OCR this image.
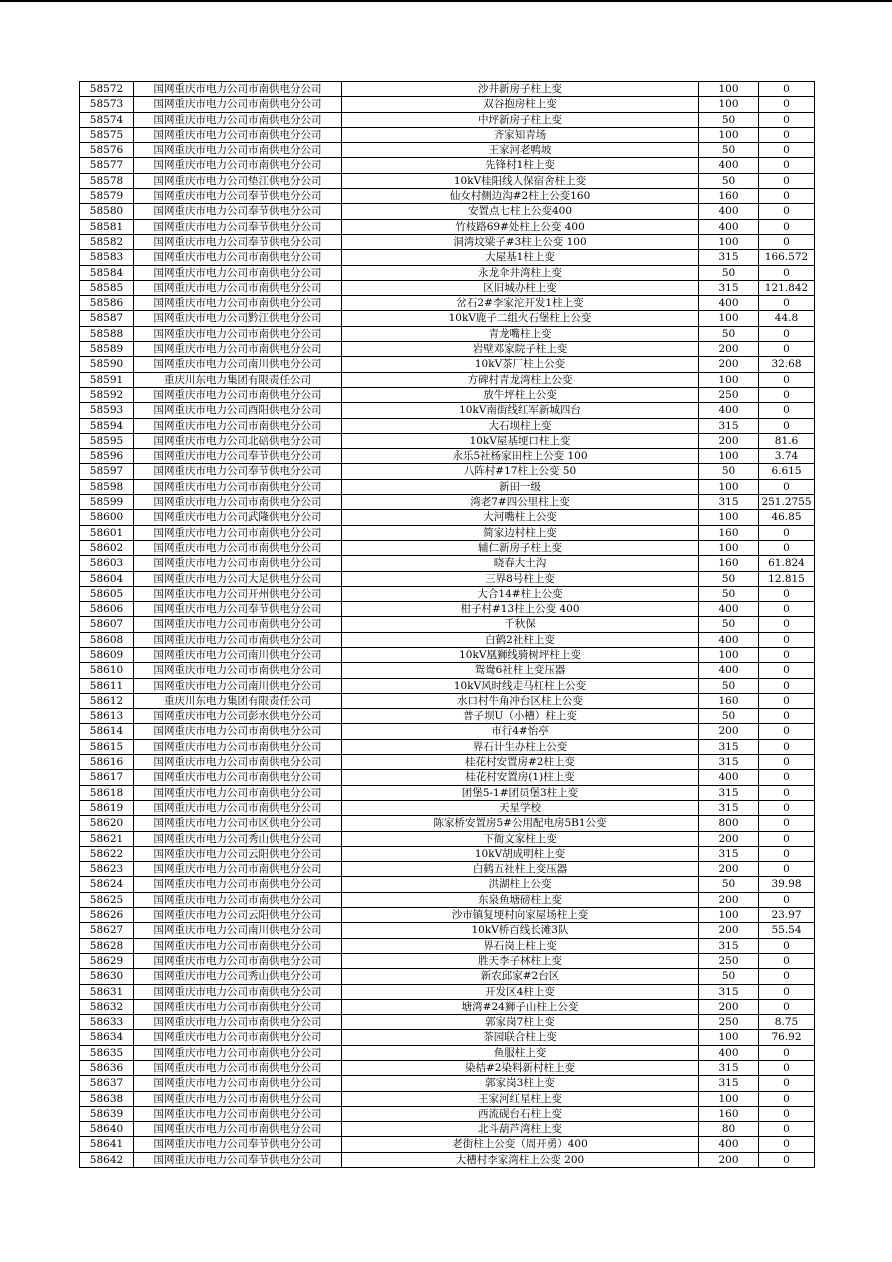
58572	国网重庆市电力公司市南供电分公司	沙井新房子柱上变	100	0
58573	国网重庆市电力公司市南供电分公司	双谷抱房柱上变	100	0
58574	国网重庆市电力公司市南供电分公司	中坪新房子柱上变	50	0
58575	国网重庆市电力公司市南供电分公司	齐家知青场	100	0
58576	国网重庆市电力公司市南供电分公司	王家河老鸭坡	50	0
58577	国网重庆市电力公司市南供电分公司	先锋村1柱上变	400	0
58578	国网重庆市电力公司垫江供电分公司	10kV桂阳线人保宿舍柱上变	50	0
58579	国网重庆市电力公司奉节供电分公司	仙女村侧边沟#2柱上公变160	160	0
58580	国网重庆市电力公司奉节供电分公司	安置点七柱上公变400	400	0
58581	国网重庆市电力公司奉节供电分公司	竹枝路69#处柱上公变 400	400	0
58582	国网重庆市电力公司奉节供电分公司	洞湾坟梁子#3柱上公变 100	100	0
58583	国网重庆市电力公司市南供电分公司	大屋基1柱上变	315	166.572
58584	国网重庆市电力公司市南供电分公司	永龙伞井湾柱上变	50	0
58585	国网重庆市电力公司市南供电分公司	区旧城办柱上变	315	121.842
58586	国网重庆市电力公司市南供电分公司	岔石2#李家沱开发1柱上变	400	0
58587	国网重庆市电力公司黔江供电分公司	10kV鹿子二组火石堡柱上公变	100	44.8
58588	国网重庆市电力公司市南供电分公司	青龙嘴柱上变	50	0
58589	国网重庆市电力公司市南供电分公司	岩壁邓家院子柱上变	200	0
58590	国网重庆市电力公司南川供电分公司	10kV茶厂柱上公变	200	32.68
58591	重庆川东电力集团有限责任公司	方碑村青龙湾柱上公变	100	0
58592	国网重庆市电力公司市南供电分公司	放牛坪柱上公变	250	0
58593	国网重庆市电力公司酉阳供电分公司	10kV南街线红军新城四台	400	0
58594	国网重庆市电力公司市南供电分公司	大石坝柱上变	315	0
58595	国网重庆市电力公司北碚供电分公司	10kV屋基埂口柱上变	200	81.6
58596	国网重庆市电力公司奉节供电分公司	永乐5社杨家田柱上公变 100	100	3.74
58597	国网重庆市电力公司奉节供电分公司	八阵村#17柱上公变 50	50	6.615
58598	国网重庆市电力公司市南供电分公司	新田一级	100	0
58599	国网重庆市电力公司市南供电分公司	湾老7#四公里柱上变	315	251.2755
58600	国网重庆市电力公司武隆供电分公司	大河嘴柱上公变	100	46.85
58601	国网重庆市电力公司市南供电分公司	简家边村柱上变	160	0
58602	国网重庆市电力公司市南供电分公司	辅仁新房子柱上变	100	0
58603	国网重庆市电力公司市南供电分公司	晓春大土沟	160	61.824
58604	国网重庆市电力公司大足供电分公司	三界8号柱上变	50	12.815
58605	国网重庆市电力公司开州供电分公司	大合14#柱上公变	50	0
58606	国网重庆市电力公司奉节供电分公司	柑子村#13柱上公变 400	400	0
58607	国网重庆市电力公司市南供电分公司	千秋保	50	0
58608	国网重庆市电力公司市南供电分公司	白鹤2社柱上变	400	0
58609	国网重庆市电力公司南川供电分公司	10kV凰狮线骑树坪柱上变	100	0
58610	国网重庆市电力公司市南供电分公司	鸳鸯6社柱上变压器	400	0
58611	国网重庆市电力公司南川供电分公司	10kV风时线走马杠柱上公变	50	0
58612	重庆川东电力集团有限责任公司	水口村牛角冲台区柱上公变	160	0
58613	国网重庆市电力公司彭水供电分公司	普子坝U（小槽）柱上变	50	0
58614	国网重庆市电力公司市南供电分公司	市行4#怡亭	200	0
58615	国网重庆市电力公司市南供电分公司	界石计生办柱上公变	315	0
58616	国网重庆市电力公司市南供电分公司	桂花村安置房#2柱上变	315	0
58617	国网重庆市电力公司市南供电分公司	桂花村安置房(1)柱上变	400	0
58618	国网重庆市电力公司市南供电分公司	团堡5-1#团员堡3柱上变	315	0
58619	国网重庆市电力公司市南供电分公司	天星学校	315	0
58620	国网重庆市电力公司市区供电分公司	陈家桥安置房5#公用配电房5B1公变	800	0
58621	国网重庆市电力公司秀山供电分公司	下衙文家柱上变	200	0
58622	国网重庆市电力公司云阳供电分公司	10kV胡成明柱上变	315	0
58623	国网重庆市电力公司市南供电分公司	白鹤五社柱上变压器	200	0
58624	国网重庆市电力公司市南供电分公司	洪湖柱上公变	50	39.98
58625	国网重庆市电力公司市南供电分公司	东泉鱼塘磅柱上变	200	0
58626	国网重庆市电力公司云阳供电分公司	沙市镇复埂村向家屋场柱上变	100	23.97
58627	国网重庆市电力公司南川供电分公司	10kV桥百线长滩3队	200	55.54
58628	国网重庆市电力公司市南供电分公司	界石岗上柱上变	315	0
58629	国网重庆市电力公司市南供电分公司	胜天李子林柱上变	250	0
58630	国网重庆市电力公司秀山供电分公司	新农邱家#2台区	50	0
58631	国网重庆市电力公司市南供电分公司	开发区4柱上变	315	0
58632	国网重庆市电力公司市南供电分公司	塘湾#24狮子山柱上公变	200	0
58633	国网重庆市电力公司市南供电分公司	郭家岗7柱上变	250	8.75
58634	国网重庆市电力公司市南供电分公司	茶园联合柱上变	100	76.92
58635	国网重庆市电力公司市南供电分公司	鱼服柱上变	400	0
58636	国网重庆市电力公司市南供电分公司	染桔#2染料新村柱上变	315	0
58637	国网重庆市电力公司市南供电分公司	郭家岗3柱上变	315	0
58638	国网重庆市电力公司市南供电分公司	王家河红星柱上变	100	0
58639	国网重庆市电力公司市南供电分公司	西流砚台石柱上变	160	0
58640	国网重庆市电力公司市南供电分公司	北斗葫芦湾柱上变	80	0
58641	国网重庆市电力公司奉节供电分公司	老街柱上公变（周开勇）400	400	0
58642	国网重庆市电力公司奉节供电分公司	大槽村李家湾柱上公变 200	200	0
